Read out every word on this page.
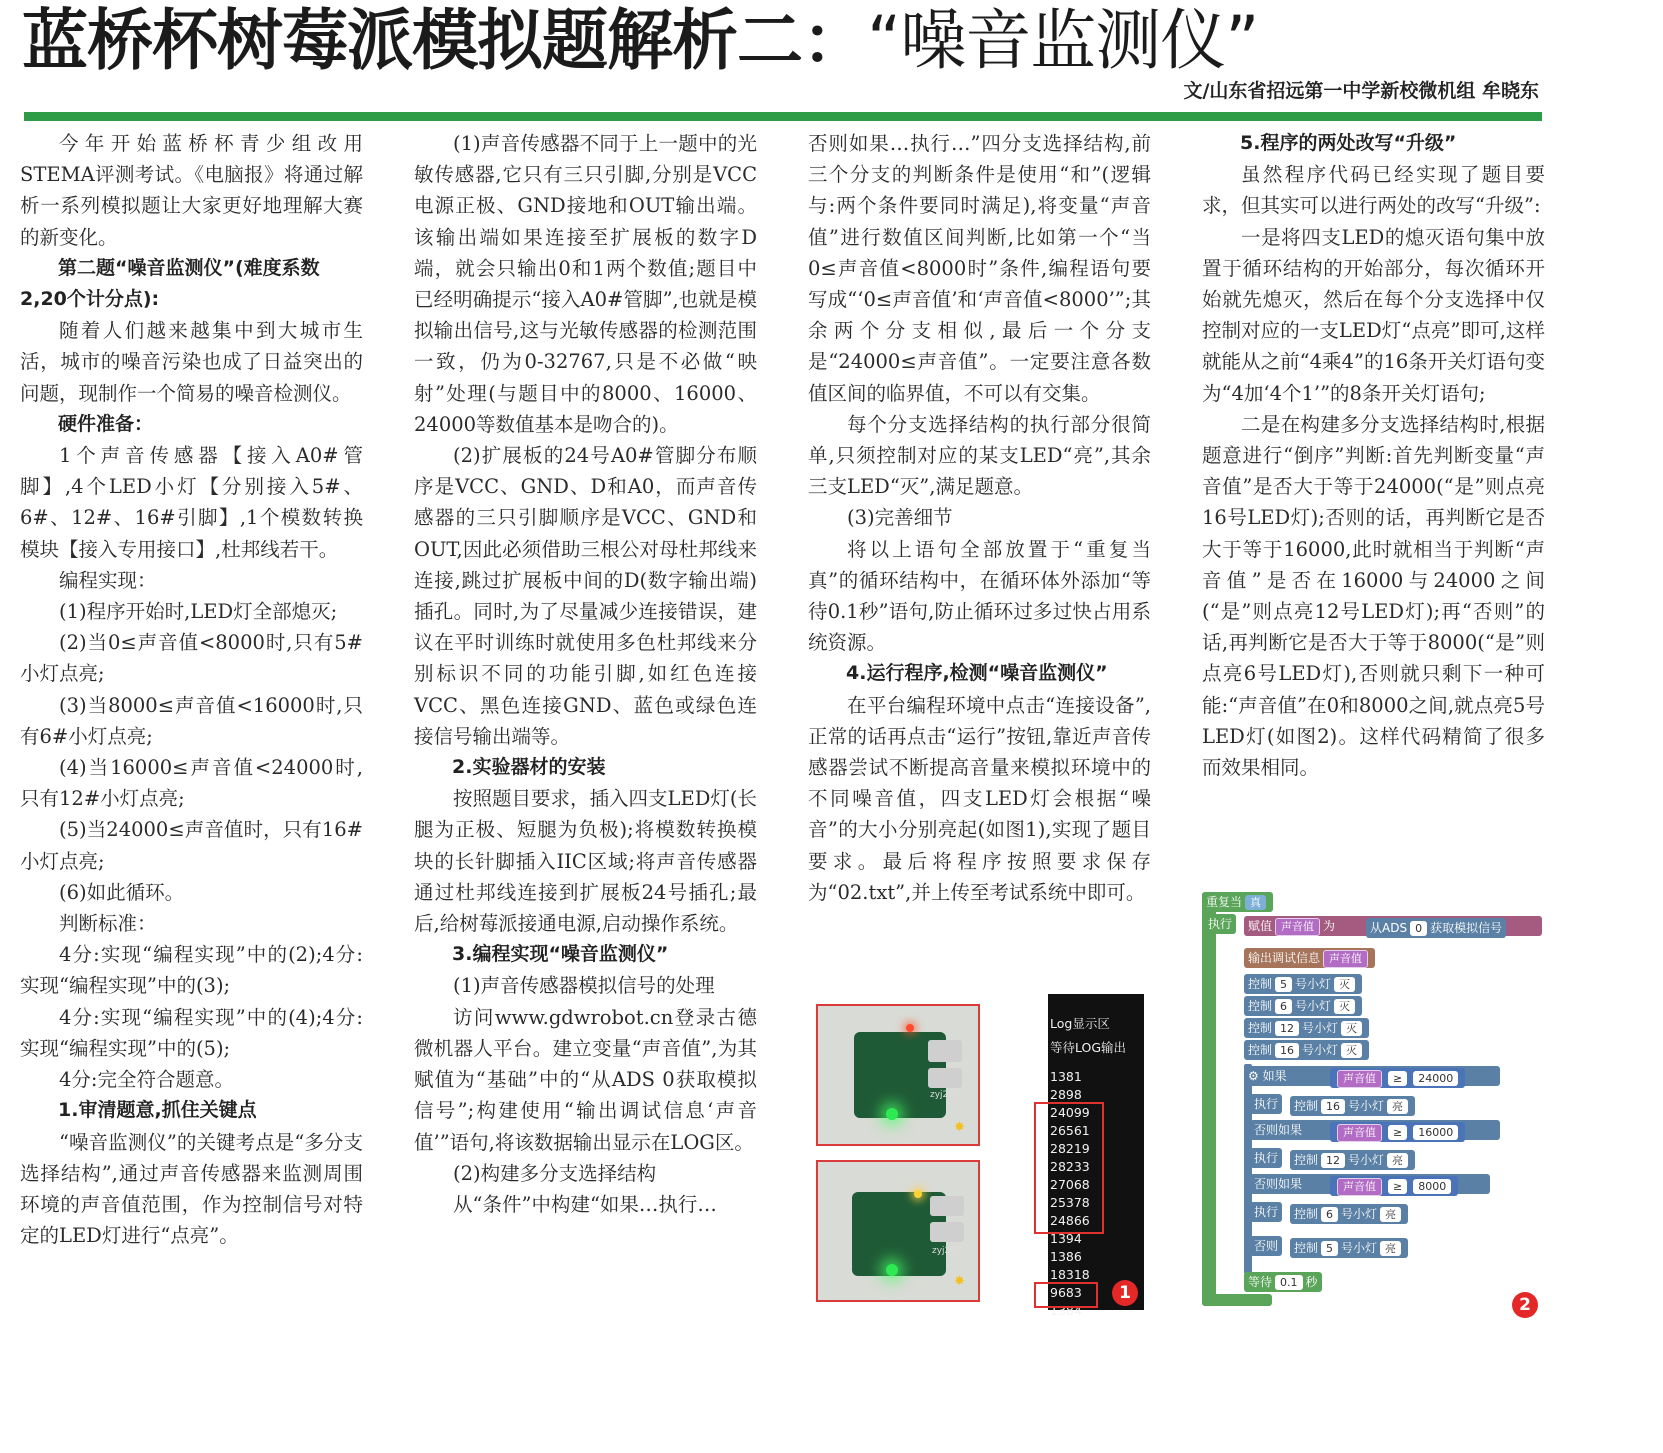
蓝桥杯树莓派模拟题解析二：“噪音监测仪”
文/山东省招远第一中学新校微机组 牟晓东

今年开始蓝桥杯青少组改用STEMA评测考试。《电脑报》将通过解析一系列模拟题让大家更好地理解大赛的新变化。

第二题“噪音监测仪”(难度系数2,20个计分点):

随着人们越来越集中到大城市生活，城市的噪音污染也成了日益突出的问题，现制作一个简易的噪音检测仪。

硬件准备：

1个声音传感器【接入A0#管脚】,4个LED小灯【分别接入5#、6#、12#、16#引脚】,1个模数转换模块【接入专用接口】,杜邦线若干。

编程实现：

(1)程序开始时,LED灯全部熄灭;

(2)当0≤声音值<8000时,只有5#小灯点亮;

(3)当8000≤声音值<16000时,只有6#小灯点亮;

(4)当16000≤声音值<24000时,只有12#小灯点亮;

(5)当24000≤声音值时，只有16#小灯点亮;

(6)如此循环。

判断标准：

4分:实现“编程实现”中的(2);4分:实现“编程实现”中的(3);

4分:实现“编程实现”中的(4);4分:实现“编程实现”中的(5);

4分:完全符合题意。

1.审清题意,抓住关键点

“噪音监测仪”的关键考点是“多分支选择结构”,通过声音传感器来监测周围环境的声音值范围，作为控制信号对特定的LED灯进行“点亮”。

(1)声音传感器不同于上一题中的光敏传感器,它只有三只引脚,分别是VCC电源正极、GND接地和OUT输出端。该输出端如果连接至扩展板的数字D端，就会只输出0和1两个数值;题目中已经明确提示“接入A0#管脚”,也就是模拟输出信号,这与光敏传感器的检测范围一致，仍为0-32767,只是不必做“映射”处理(与题目中的8000、16000、24000等数值基本是吻合的)。

(2)扩展板的24号A0#管脚分布顺序是VCC、GND、D和A0，而声音传感器的三只引脚顺序是VCC、GND和OUT,因此必须借助三根公对母杜邦线来连接,跳过扩展板中间的D(数字输出端)插孔。同时,为了尽量减少连接错误，建议在平时训练时就使用多色杜邦线来分别标识不同的功能引脚,如红色连接VCC、黑色连接GND、蓝色或绿色连接信号输出端等。

2.实验器材的安装

按照题目要求，插入四支LED灯(长腿为正极、短腿为负极);将模数转换模块的长针脚插入IIC区域;将声音传感器通过杜邦线连接到扩展板24号插孔;最后,给树莓派接通电源,启动操作系统。

3.编程实现“噪音监测仪”

(1)声音传感器模拟信号的处理

访问www.gdwrobot.cn登录古德微机器人平台。建立变量“声音值”,为其赋值为“基础”中的“从ADS 0获取模拟信号”;构建使用“输出调试信息‘声音值’”语句,将该数据输出显示在LOG区。

(2)构建多分支选择结构

从“条件”中构建“如果…执行…

否则如果…执行…”四分支选择结构,前三个分支的判断条件是使用“和”(逻辑与:两个条件要同时满足),将变量“声音值”进行数值区间判断,比如第一个“当0≤声音值<8000时”条件,编程语句要写成“‘0≤声音值’和‘声音值<8000’”;其余两个分支相似,最后一个分支是“24000≤声音值”。一定要注意各数值区间的临界值，不可以有交集。

每个分支选择结构的执行部分很简单,只须控制对应的某支LED“亮”,其余三支LED“灭”,满足题意。

(3)完善细节

将以上语句全部放置于“重复当真”的循环结构中，在循环体外添加“等待0.1秒”语句,防止循环过多过快占用系统资源。

4.运行程序,检测“噪音监测仪”

在平台编程环境中点击“连接设备”,正常的话再点击“运行”按钮,靠近声音传感器尝试不断提高音量来模拟环境中的不同噪音值，四支LED灯会根据“噪音”的大小分别亮起(如图1),实现了题目要求。最后将程序按照要求保存为“02.txt”,并上传至考试系统中即可。

5.程序的两处改写“升级”

虽然程序代码已经实现了题目要求，但其实可以进行两处的改写“升级”:

一是将四支LED的熄灭语句集中放置于循环结构的开始部分，每次循环开始就先熄灭，然后在每个分支选择中仅控制对应的一支LED灯“点亮”即可,这样就能从之前“4乘4”的16条开关灯语句变为“4加‘4个1’”的8条开关灯语句;

二是在构建多分支选择结构时,根据题意进行“倒序”判断:首先判断变量“声音值”是否大于等于24000(“是”则点亮16号LED灯);否则的话，再判断它是否大于等于16000,此时就相当于判断“声音值”是否在16000与24000之间(“是”则点亮12号LED灯);再“否则”的话,再判断它是否大于等于8000(“是”则点亮6号LED灯),否则就只剩下一种可能:“声音值”在0和8000之间,就点亮5号LED灯(如图2)。这样代码精简了很多而效果相同。

zyj202
✸
zyj202
✸
Log显示区
等待LOG输出
1381
2898
24099
26561
28219
28233
27068
25378
24866
1394
1386
18318
9683
1384
1
重复当 真
执行	赋值 声音值 为	从ADS 0 获取模拟信号
输出调试信息 声音值
控制 5 号小灯 灭
控制 6 号小灯 灭
控制 12 号小灯 灭
控制 16 号小灯 灭
⚙ 如果	声音值 ≥ 24000
执行	控制 16 号小灯 亮
否则如果	声音值 ≥ 16000
执行	控制 12 号小灯 亮
否则如果	声音值 ≥ 8000
执行	控制 6 号小灯 亮
否则	控制 5 号小灯 亮
等待 0.1 秒
2
